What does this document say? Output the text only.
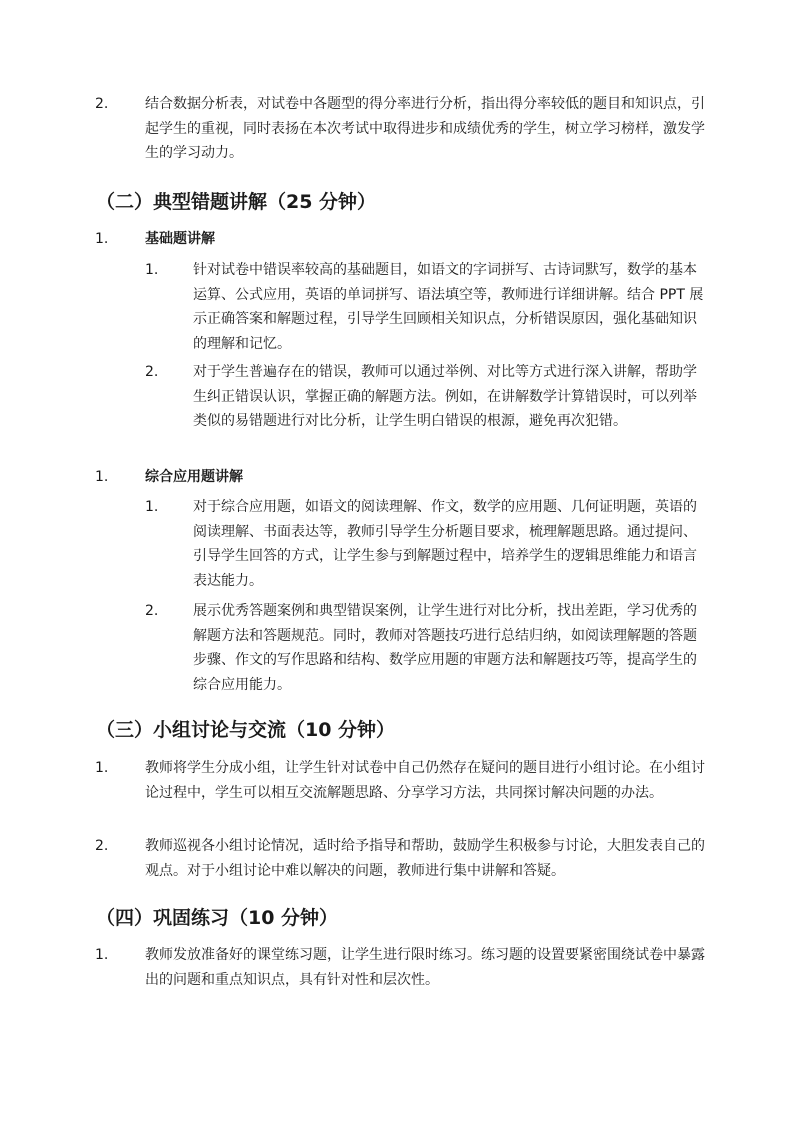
2.	结合数据分析表，对试卷中各题型的得分率进行分析，指出得分率较低的题目和知识点，引起学生的重视，同时表扬在本次考试中取得进步和成绩优秀的学生，树立学习榜样，激发学生的学习动力。
（二）典型错题讲解（25 分钟）
1.	基础题讲解
1. 针对试卷中错误率较高的基础题目，如语文的字词拼写、古诗词默写，数学的基本运算、公式应用，英语的单词拼写、语法填空等，教师进行详细讲解。结合 PPT 展示正确答案和解题过程，引导学生回顾相关知识点，分析错误原因，强化基础知识的理解和记忆。
2. 对于学生普遍存在的错误，教师可以通过举例、对比等方式进行深入讲解，帮助学生纠正错误认识，掌握正确的解题方法。例如，在讲解数学计算错误时，可以列举类似的易错题进行对比分析，让学生明白错误的根源，避免再次犯错。
1.	综合应用题讲解
1. 对于综合应用题，如语文的阅读理解、作文，数学的应用题、几何证明题，英语的阅读理解、书面表达等，教师引导学生分析题目要求，梳理解题思路。通过提问、引导学生回答的方式，让学生参与到解题过程中，培养学生的逻辑思维能力和语言表达能力。
2. 展示优秀答题案例和典型错误案例，让学生进行对比分析，找出差距，学习优秀的解题方法和答题规范。同时，教师对答题技巧进行总结归纳，如阅读理解题的答题步骤、作文的写作思路和结构、数学应用题的审题方法和解题技巧等，提高学生的综合应用能力。
（三）小组讨论与交流（10 分钟）
1.	教师将学生分成小组，让学生针对试卷中自己仍然存在疑问的题目进行小组讨论。在小组讨论过程中，学生可以相互交流解题思路、分享学习方法，共同探讨解决问题的办法。
2.	教师巡视各小组讨论情况，适时给予指导和帮助，鼓励学生积极参与讨论，大胆发表自己的观点。对于小组讨论中难以解决的问题，教师进行集中讲解和答疑。
（四）巩固练习（10 分钟）
1.	教师发放准备好的课堂练习题，让学生进行限时练习。练习题的设置要紧密围绕试卷中暴露出的问题和重点知识点，具有针对性和层次性。
